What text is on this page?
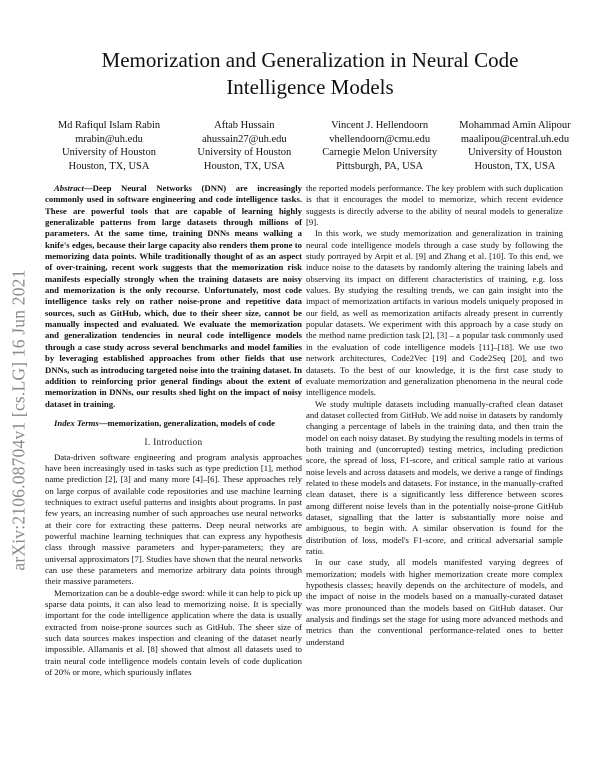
arXiv:2106.08704v1 [cs.LG] 16 Jun 2021
Memorization and Generalization in Neural Code Intelligence Models
Md Rafiqul Islam Rabin
mrabin@uh.edu
University of Houston
Houston, TX, USA
Aftab Hussain
ahussain27@uh.edu
University of Houston
Houston, TX, USA
Vincent J. Hellendoorn
vhellendoorn@cmu.edu
Carnegie Melon University
Pittsburgh, PA, USA
Mohammad Amin Alipour
maalipou@central.uh.edu
University of Houston
Houston, TX, USA

Abstract—Deep Neural Networks (DNN) are increasingly commonly used in software engineering and code intelligence tasks. These are powerful tools that are capable of learning highly generalizable patterns from large datasets through millions of parameters. At the same time, training DNNs means walking a knife's edges, because their large capacity also renders them prone to memorizing data points. While traditionally thought of as an aspect of over-training, recent work suggests that the memorization risk manifests especially strongly when the training datasets are noisy and memorization is the only recourse. Unfortunately, most code intelligence tasks rely on rather noise-prone and repetitive data sources, such as GitHub, which, due to their sheer size, cannot be manually inspected and evaluated. We evaluate the memorization and generalization tendencies in neural code intelligence models through a case study across several benchmarks and model families by leveraging established approaches from other fields that use DNNs, such as introducing targeted noise into the training dataset. In addition to reinforcing prior general findings about the extent of memorization in DNNs, our results shed light on the impact of noisy dataset in training.

Index Terms—memorization, generalization, models of code

I. Introduction

Data-driven software engineering and program analysis approaches have been increasingly used in tasks such as type prediction [1], method name prediction [2], [3] and many more [4]–[6]. These approaches rely on large corpus of available code repositories and use machine learning techniques to extract useful patterns and insights about programs. In past few years, an increasing number of such approaches use neural networks at their core for extracting these patterns. Deep neural networks are powerful machine learning techniques that can express any hypothesis class through massive parameters and hyper-parameters; they are universal approximators [7]. Studies have shown that the neural networks can use these parameters and memorize arbitrary data points through their massive parameters.

Memorization can be a double-edge sword: while it can help to pick up sparse data points, it can also lead to memorizing noise. It is specially important for the code intelligence application where the data is usually extracted from noise-prone sources such as GitHub. The sheer size of such data sources makes inspection and cleaning of the dataset nearly impossible. Allamanis et al. [8] showed that almost all datasets used to train neural code intelligence models contain levels of code duplication of 20% or more, which spuriously inflates

the reported models performance. The key problem with such duplication is that it encourages the model to memorize, which recent evidence suggests is directly adverse to the ability of neural models to generalize [9].

In this work, we study memorization and generalization in training neural code intelligence models through a case study by following the study portrayed by Arpit et al. [9] and Zhang et al. [10]. To this end, we induce noise to the datasets by randomly altering the training labels and observing its impact on different characteristics of training, e.g. loss values. By studying the resulting trends, we can gain insight into the impact of memorization artifacts in various models uniquely proposed in our field, as well as memorization artifacts already present in currently popular datasets. We experiment with this approach by a case study on the method name prediction task [2], [3] – a popular task commonly used in the evaluation of code intelligence models [11]–[18]. We use two network architectures, Code2Vec [19] and Code2Seq [20], and two datasets. To the best of our knowledge, it is the first case study to evaluate memorization and generalization phenomena in the neural code intelligence models.

We study multiple datasets including manually-crafted clean dataset and dataset collected from GitHub. We add noise in datasets by randomly changing a percentage of labels in the training data, and then train the model on each noisy dataset. By studying the resulting models in terms of both training and (uncorrupted) testing metrics, including prediction score, the spread of loss, F1-score, and critical sample ratio at various noise levels and across datasets and models, we derive a range of findings related to these models and datasets. For instance, in the manually-crafted clean dataset, there is a significantly less difference between scores among different noise levels than in the potentially noise-prone GitHub dataset, signalling that the latter is substantially more noise and ambiguous, to begin with. A similar observation is found for the distribution of loss, model's F1-score, and critical adversarial sample ratio.

In our case study, all models manifested varying degrees of memorization; models with higher memorization create more complex hypothesis classes; heavily depends on the architecture of models, and the impact of noise in the models based on a manually-curated dataset was more pronounced than the models based on GitHub dataset. Our analysis and findings set the stage for using more advanced methods and metrics than the conventional performance-related ones to better understand
